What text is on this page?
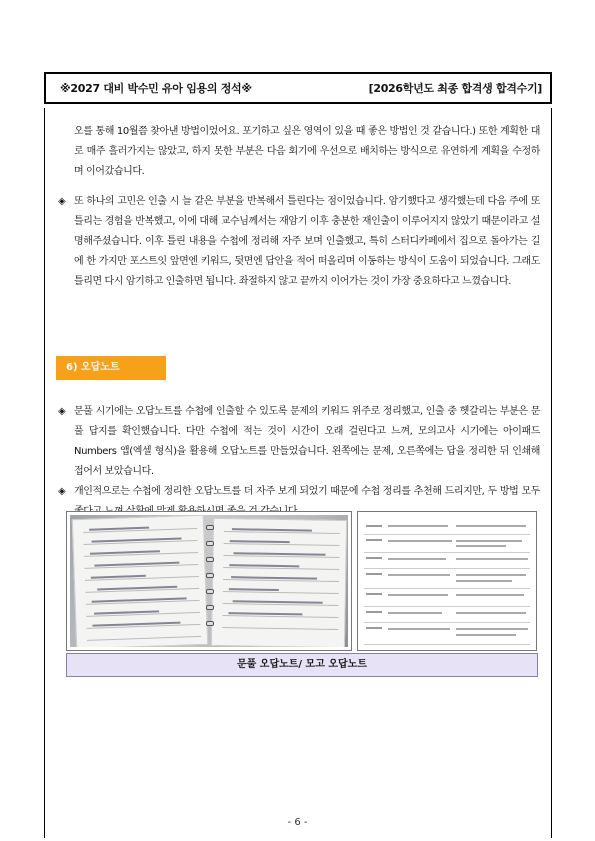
※2027 대비 박수민 유아 임용의 정석※	[2026학년도 최종 합격생 합격수기]
오를 통해 10월쯤 찾아낸 방법이었어요. 포기하고 싶은 영역이 있을 때 좋은 방법인 것 같습니다.) 또한 계획한 대로 매주 흘러가지는 않았고, 하지 못한 부분은 다음 회기에 우선으로 배치하는 방식으로 유연하게 계획을 수정하며 이어갔습니다.
◈ 또 하나의 고민은 인출 시 늘 같은 부분을 반복해서 틀린다는 점이었습니다. 암기했다고 생각했는데 다음 주에 또 틀리는 경험을 반복했고, 이에 대해 교수님께서는 재암기 이후 충분한 재인출이 이루어지지 않았기 때문이라고 설명해주셨습니다. 이후 틀린 내용을 수첩에 정리해 자주 보며 인출했고, 특히 스터디카페에서 집으로 돌아가는 길에 한 가지만 포스트잇 앞면엔 키워드, 뒷면엔 답안을 적어 떠올리며 이동하는 방식이 도움이 되었습니다. 그래도 틀리면 다시 암기하고 인출하면 됩니다. 좌절하지 않고 끝까지 이어가는 것이 가장 중요하다고 느꼈습니다.
6) 오답노트
◈ 문풀 시기에는 오답노트를 수첩에 인출할 수 있도록 문제의 키워드 위주로 정리했고, 인출 중 헷갈리는 부분은 문풀 답지를 확인했습니다. 다만 수첩에 적는 것이 시간이 오래 걸린다고 느껴, 모의고사 시기에는 아이패드 Numbers 앱(엑셀 형식)을 활용해 오답노트를 만들었습니다. 왼쪽에는 문제, 오른쪽에는 답을 정리한 뒤 인쇄해 접어서 보았습니다.
◈ 개인적으로는 수첩에 정리한 오답노트를 더 자주 보게 되었기 때문에 수첩 정리를 추천해 드리지만, 두 방법 모두
문풀 오답노트/ 모고 오답노트
- 6 -
